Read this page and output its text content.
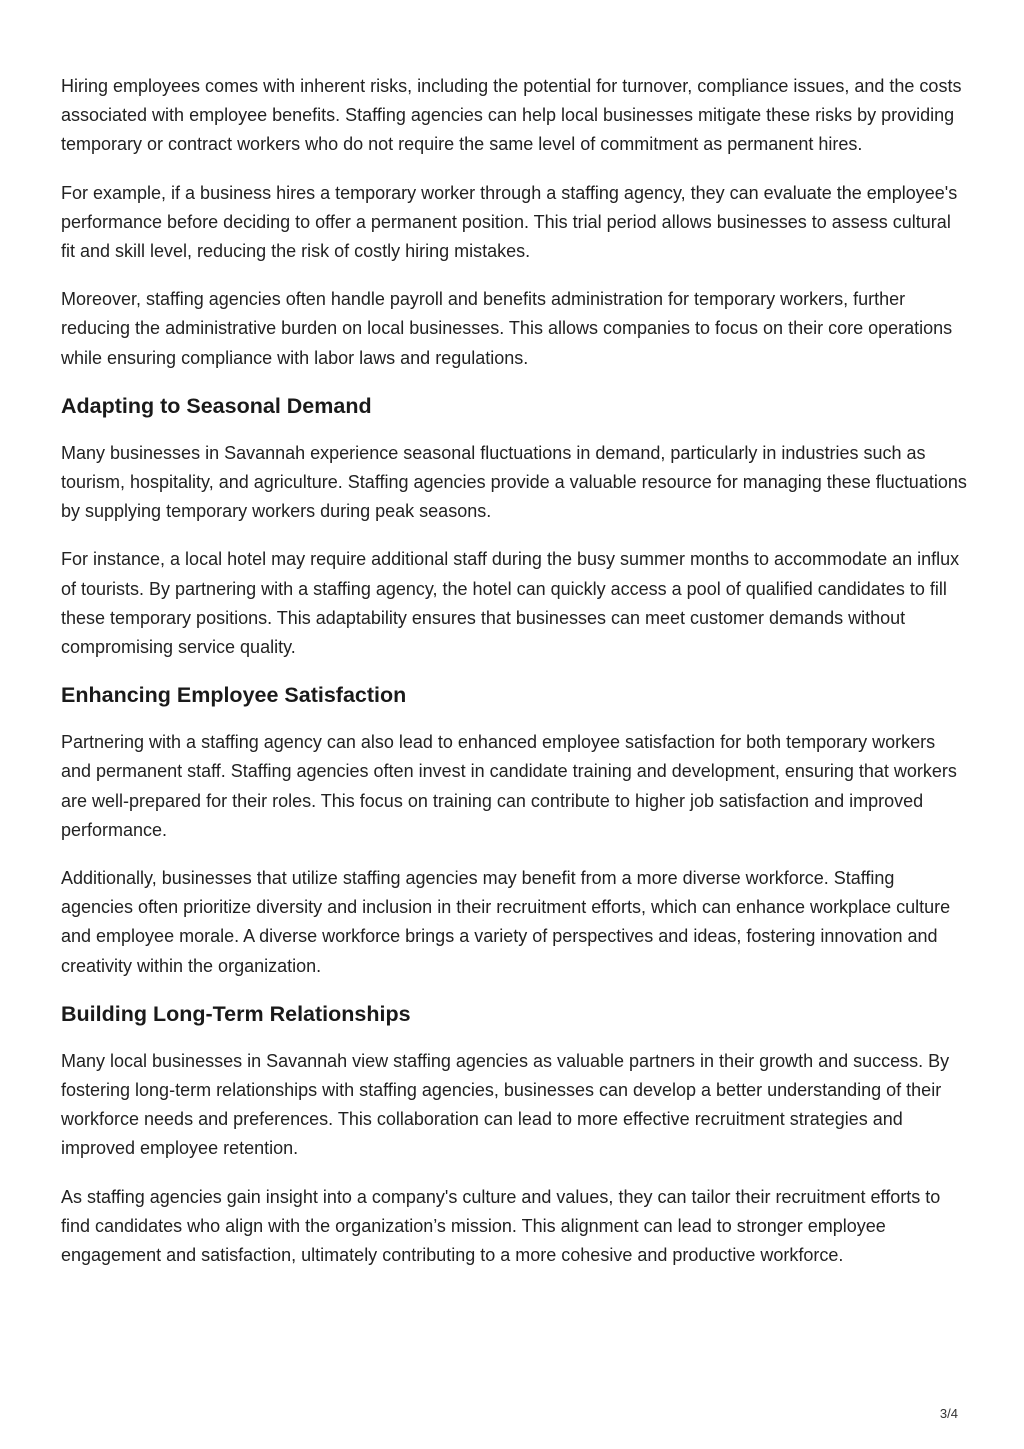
Hiring employees comes with inherent risks, including the potential for turnover, compliance issues, and the costs associated with employee benefits. Staffing agencies can help local businesses mitigate these risks by providing temporary or contract workers who do not require the same level of commitment as permanent hires.

For example, if a business hires a temporary worker through a staffing agency, they can evaluate the employee's performance before deciding to offer a permanent position. This trial period allows businesses to assess cultural fit and skill level, reducing the risk of costly hiring mistakes.

Moreover, staffing agencies often handle payroll and benefits administration for temporary workers, further reducing the administrative burden on local businesses. This allows companies to focus on their core operations while ensuring compliance with labor laws and regulations.

Adapting to Seasonal Demand

Many businesses in Savannah experience seasonal fluctuations in demand, particularly in industries such as tourism, hospitality, and agriculture. Staffing agencies provide a valuable resource for managing these fluctuations by supplying temporary workers during peak seasons.

For instance, a local hotel may require additional staff during the busy summer months to accommodate an influx of tourists. By partnering with a staffing agency, the hotel can quickly access a pool of qualified candidates to fill these temporary positions. This adaptability ensures that businesses can meet customer demands without compromising service quality.

Enhancing Employee Satisfaction

Partnering with a staffing agency can also lead to enhanced employee satisfaction for both temporary workers and permanent staff. Staffing agencies often invest in candidate training and development, ensuring that workers are well-prepared for their roles. This focus on training can contribute to higher job satisfaction and improved performance.

Additionally, businesses that utilize staffing agencies may benefit from a more diverse workforce. Staffing agencies often prioritize diversity and inclusion in their recruitment efforts, which can enhance workplace culture and employee morale. A diverse workforce brings a variety of perspectives and ideas, fostering innovation and creativity within the organization.

Building Long-Term Relationships

Many local businesses in Savannah view staffing agencies as valuable partners in their growth and success. By fostering long-term relationships with staffing agencies, businesses can develop a better understanding of their workforce needs and preferences. This collaboration can lead to more effective recruitment strategies and improved employee retention.

As staffing agencies gain insight into a company's culture and values, they can tailor their recruitment efforts to find candidates who align with the organization’s mission. This alignment can lead to stronger employee engagement and satisfaction, ultimately contributing to a more cohesive and productive workforce.

3/4
